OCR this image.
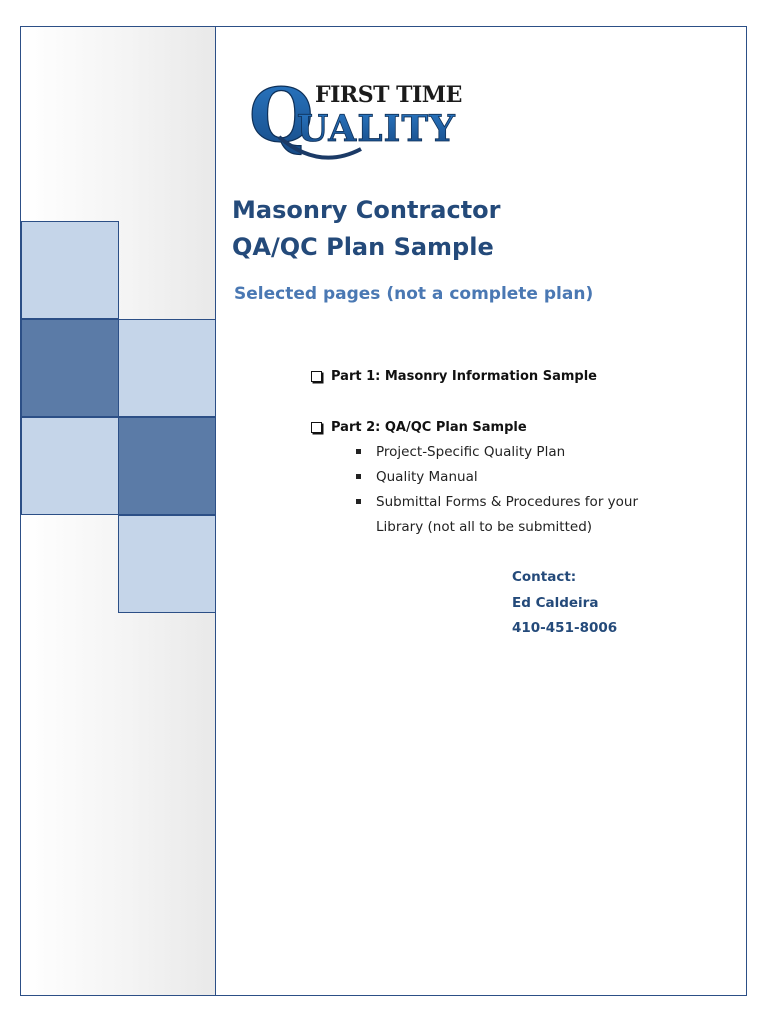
Q FIRST TIME
UALITY
Masonry Contractor
QA/QC Plan Sample
Selected pages (not a complete plan)
Part 1: Masonry Information Sample
Part 2: QA/QC Plan Sample
Project-Specific Quality Plan
Quality Manual
Submittal Forms & Procedures for your Library (not all to be submitted)
Contact:
Ed Caldeira
410-451-8006
